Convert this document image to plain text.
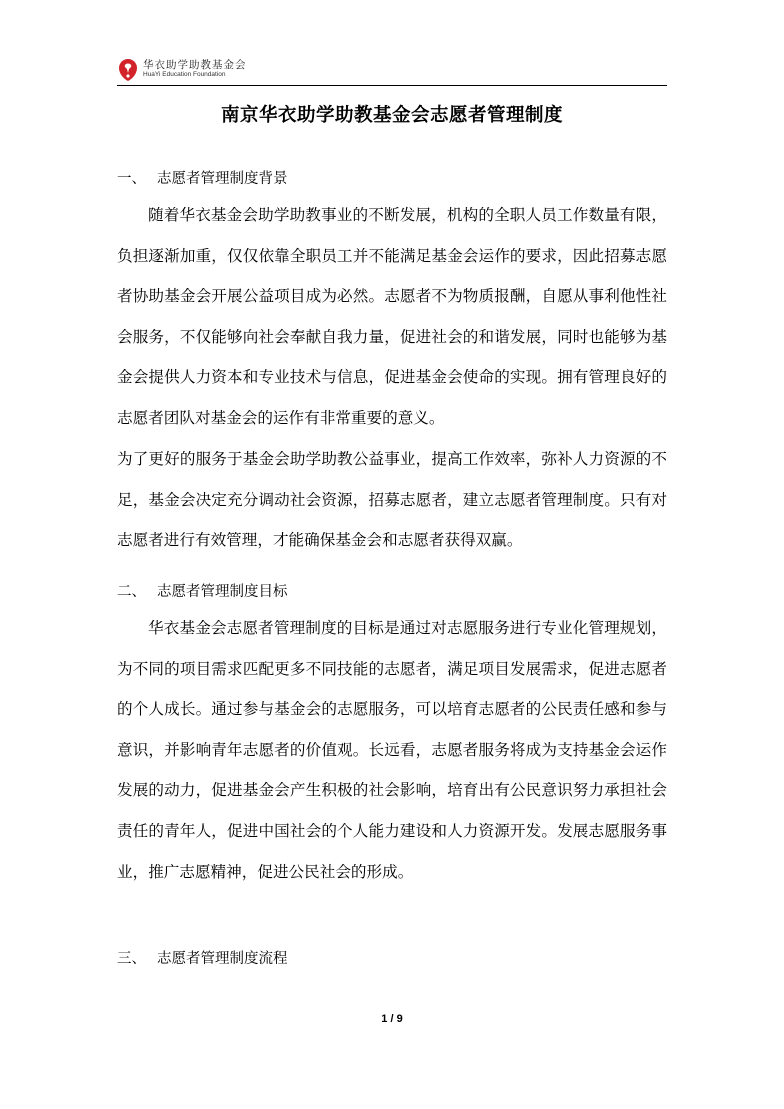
华衣助学助教基金会
HuaYi Education Foundation
南京华衣助学助教基金会志愿者管理制度
一、 志愿者管理制度背景

随着华衣基金会助学助教事业的不断发展，机构的全职人员工作数量有限，负担逐渐加重，仅仅依靠全职员工并不能满足基金会运作的要求，因此招募志愿者协助基金会开展公益项目成为必然。志愿者不为物质报酬，自愿从事利他性社会服务，不仅能够向社会奉献自我力量，促进社会的和谐发展，同时也能够为基金会提供人力资本和专业技术与信息，促进基金会使命的实现。拥有管理良好的志愿者团队对基金会的运作有非常重要的意义。

为了更好的服务于基金会助学助教公益事业，提高工作效率，弥补人力资源的不足，基金会决定充分调动社会资源，招募志愿者，建立志愿者管理制度。只有对志愿者进行有效管理，才能确保基金会和志愿者获得双赢。

二、 志愿者管理制度目标

华衣基金会志愿者管理制度的目标是通过对志愿服务进行专业化管理规划，为不同的项目需求匹配更多不同技能的志愿者，满足项目发展需求，促进志愿者的个人成长。通过参与基金会的志愿服务，可以培育志愿者的公民责任感和参与意识，并影响青年志愿者的价值观。长远看，志愿者服务将成为支持基金会运作发展的动力，促进基金会产生积极的社会影响，培育出有公民意识努力承担社会责任的青年人，促进中国社会的个人能力建设和人力资源开发。发展志愿服务事业，推广志愿精神，促进公民社会的形成。

三、 志愿者管理制度流程
1 / 9
